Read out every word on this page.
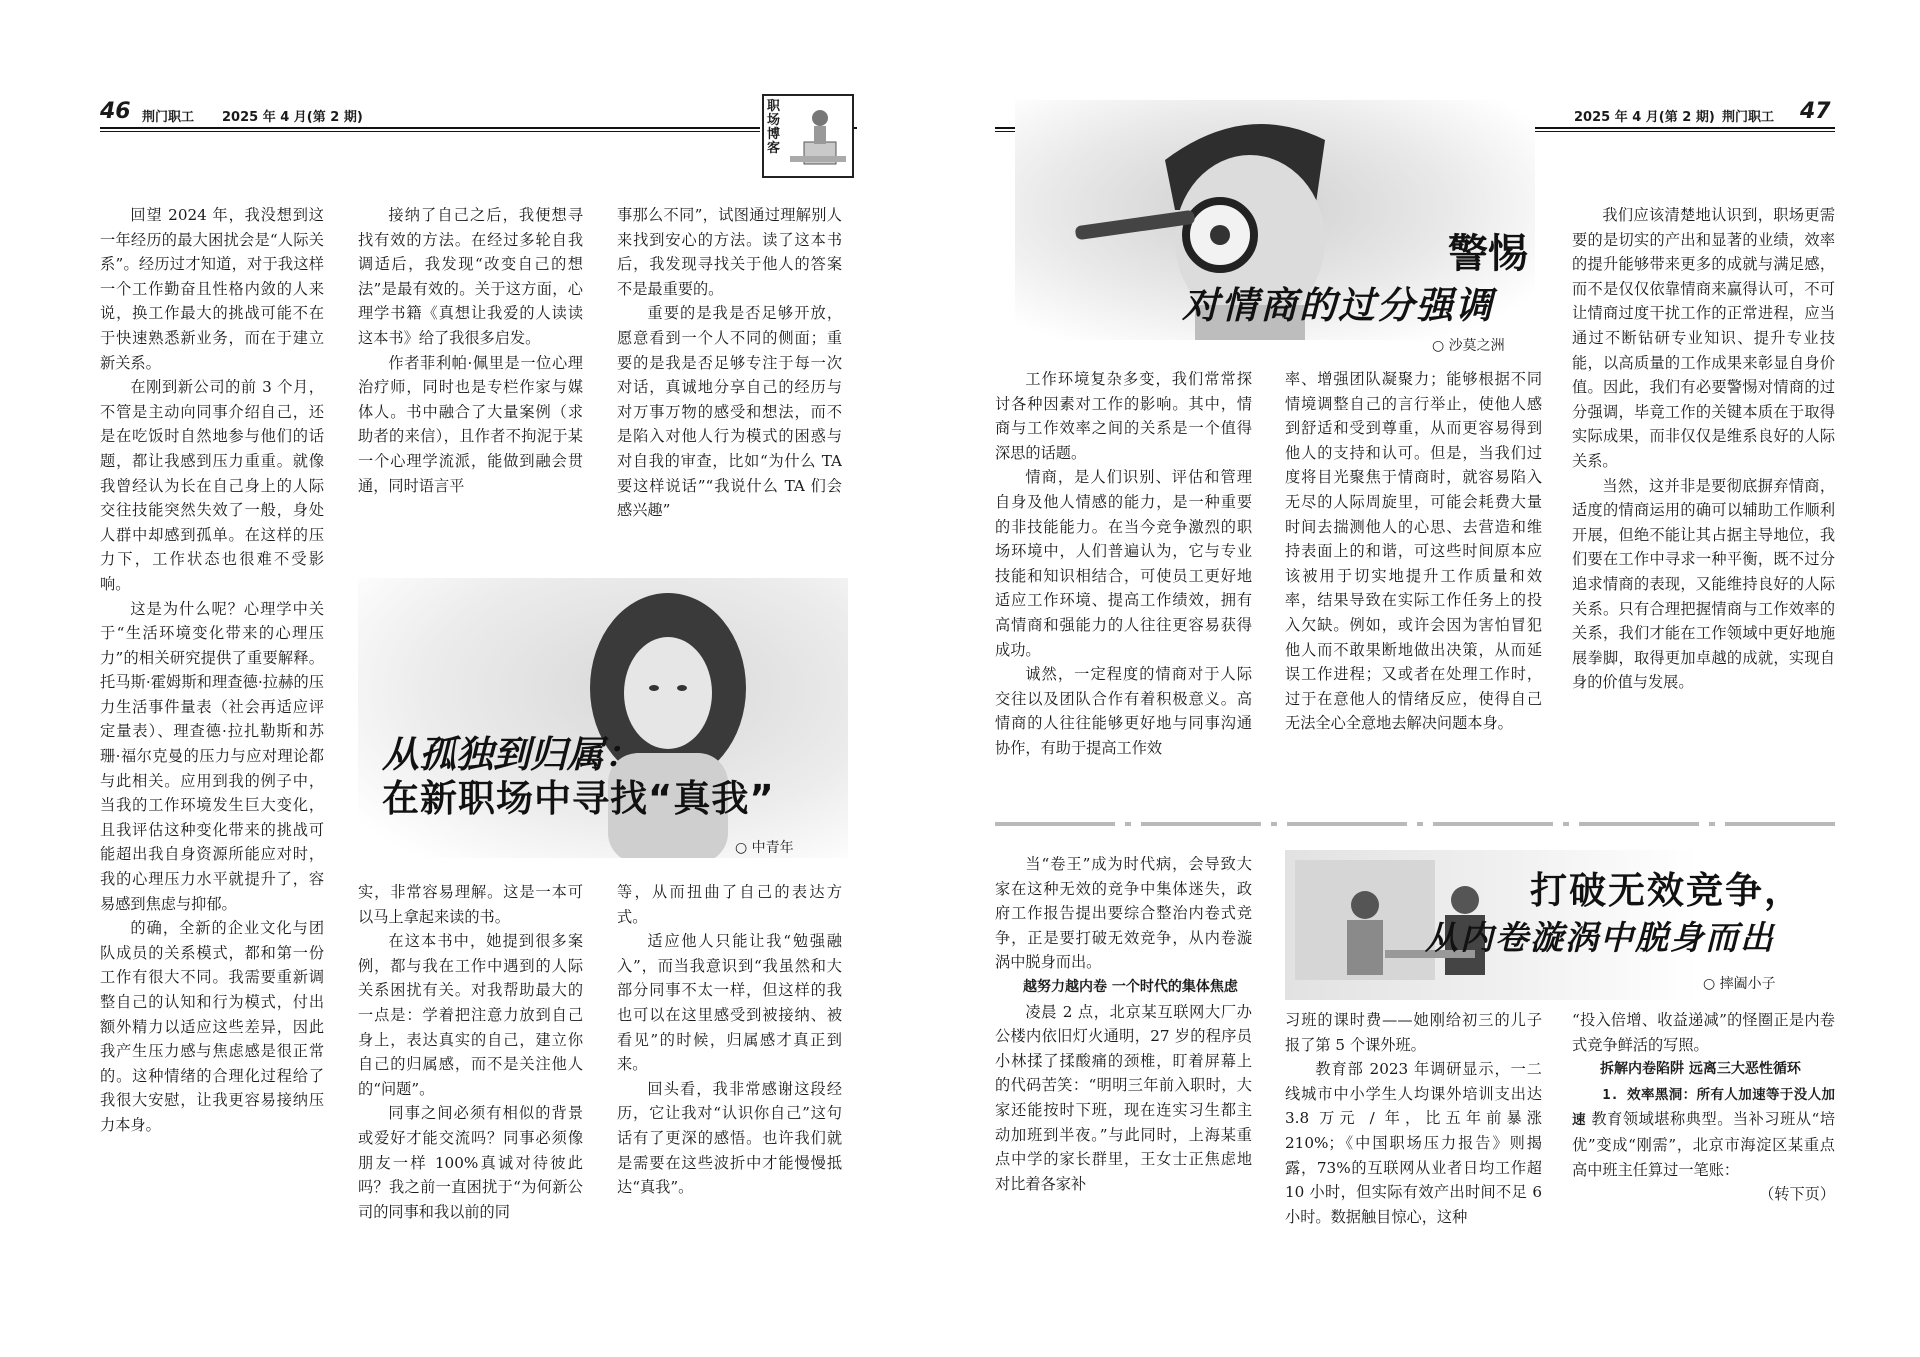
46 荆门职工 2025 年 4 月(第 2 期)
职场博客

回望 2024 年，我没想到这一年经历的最大困扰会是“人际关系”。经历过才知道，对于我这样一个工作勤奋且性格内敛的人来说，换工作最大的挑战可能不在于快速熟悉新业务，而在于建立新关系。

在刚到新公司的前 3 个月，不管是主动向同事介绍自己，还是在吃饭时自然地参与他们的话题，都让我感到压力重重。就像我曾经认为长在自己身上的人际交往技能突然失效了一般，身处人群中却感到孤单。在这样的压力下，工作状态也很难不受影响。

这是为什么呢？心理学中关于“生活环境变化带来的心理压力”的相关研究提供了重要解释。托马斯·霍姆斯和理查德·拉赫的压力生活事件量表（社会再适应评定量表）、理查德·拉扎勒斯和苏珊·福尔克曼的压力与应对理论都与此相关。应用到我的例子中，当我的工作环境发生巨大变化，且我评估这种变化带来的挑战可能超出我自身资源所能应对时，我的心理压力水平就提升了，容易感到焦虑与抑郁。

的确，全新的企业文化与团队成员的关系模式，都和第一份工作有很大不同。我需要重新调整自己的认知和行为模式，付出额外精力以适应这些差异，因此我产生压力感与焦虑感是很正常的。这种情绪的合理化过程给了我很大安慰，让我更容易接纳压力本身。

接纳了自己之后，我便想寻找有效的方法。在经过多轮自我调适后，我发现“改变自己的想法”是最有效的。关于这方面，心理学书籍《真想让我爱的人读读这本书》给了我很多启发。

作者菲利帕·佩里是一位心理治疗师，同时也是专栏作家与媒体人。书中融合了大量案例（求助者的来信），且作者不拘泥于某一个心理学流派，能做到融会贯通，同时语言平

事那么不同”，试图通过理解别人来找到安心的方法。读了这本书后，我发现寻找关于他人的答案不是最重要的。

重要的是我是否足够开放，愿意看到一个人不同的侧面；重要的是我是否足够专注于每一次对话，真诚地分享自己的经历与对万事万物的感受和想法，而不是陷入对他人行为模式的困惑与对自我的审查，比如“为什么 TA 要这样说话”“我说什么 TA 们会感兴趣”

从孤独到归属：
在新职场中寻找“真我”
○ 中青年

实，非常容易理解。这是一本可以马上拿起来读的书。

在这本书中，她提到很多案例，都与我在工作中遇到的人际关系困扰有关。对我帮助最大的一点是：学着把注意力放到自己身上，表达真实的自己，建立你自己的归属感，而不是关注他人的“问题”。

同事之间必须有相似的背景或爱好才能交流吗？同事必须像朋友一样 100%真诚对待彼此吗？我之前一直困扰于“为何新公司的同事和我以前的同

等，从而扭曲了自己的表达方式。

适应他人只能让我“勉强融入”，而当我意识到“我虽然和大部分同事不太一样，但这样的我也可以在这里感受到被接纳、被看见”的时候，归属感才真正到来。

回头看，我非常感谢这段经历，它让我对“认识你自己”这句话有了更深的感悟。也许我们就是需要在这些波折中才能慢慢抵达“真我”。

2025 年 4 月(第 2 期) 荆门职工 47
警惕
对情商的过分强调
○ 沙莫之洲

工作环境复杂多变，我们常常探讨各种因素对工作的影响。其中，情商与工作效率之间的关系是一个值得深思的话题。

情商，是人们识别、评估和管理自身及他人情感的能力，是一种重要的非技能能力。在当今竞争激烈的职场环境中，人们普遍认为，它与专业技能和知识相结合，可使员工更好地适应工作环境、提高工作绩效，拥有高情商和强能力的人往往更容易获得成功。

诚然，一定程度的情商对于人际交往以及团队合作有着积极意义。高情商的人往往能够更好地与同事沟通协作，有助于提高工作效

率、增强团队凝聚力；能够根据不同情境调整自己的言行举止，使他人感到舒适和受到尊重，从而更容易得到他人的支持和认可。但是，当我们过度将目光聚焦于情商时，就容易陷入无尽的人际周旋里，可能会耗费大量时间去揣测他人的心思、去营造和维持表面上的和谐，可这些时间原本应该被用于切实地提升工作质量和效率，结果导致在实际工作任务上的投入欠缺。例如，或许会因为害怕冒犯他人而不敢果断地做出决策，从而延误工作进程；又或者在处理工作时，过于在意他人的情绪反应，使得自己无法全心全意地去解决问题本身。

我们应该清楚地认识到，职场更需要的是切实的产出和显著的业绩，效率的提升能够带来更多的成就与满足感，而不是仅仅依靠情商来赢得认可，不可让情商过度干扰工作的正常进程，应当通过不断钻研专业知识、提升专业技能，以高质量的工作成果来彰显自身价值。因此，我们有必要警惕对情商的过分强调，毕竟工作的关键本质在于取得实际成果，而非仅仅是维系良好的人际关系。

当然，这并非是要彻底摒弃情商，适度的情商运用的确可以辅助工作顺利开展，但绝不能让其占据主导地位，我们要在工作中寻求一种平衡，既不过分追求情商的表现，又能维持良好的人际关系。只有合理把握情商与工作效率的关系，我们才能在工作领域中更好地施展拳脚，取得更加卓越的成就，实现自身的价值与发展。

当“卷王”成为时代病，会导致大家在这种无效的竞争中集体迷失，政府工作报告提出要综合整治内卷式竞争，正是要打破无效竞争，从内卷漩涡中脱身而出。

越努力越内卷 一个时代的集体焦虑

凌晨 2 点，北京某互联网大厂办公楼内依旧灯火通明，27 岁的程序员小林揉了揉酸痛的颈椎，盯着屏幕上的代码苦笑：“明明三年前入职时，大家还能按时下班，现在连实习生都主动加班到半夜。”与此同时，上海某重点中学的家长群里，王女士正焦虑地对比着各家补

打破无效竞争，
从内卷漩涡中脱身而出
○ 摔阖小子

习班的课时费——她刚给初三的儿子报了第 5 个课外班。

教育部 2023 年调研显示，一二线城市中小学生人均课外培训支出达 3.8 万元 / 年，比五年前暴涨 210%；《中国职场压力报告》则揭露，73%的互联网从业者日均工作超 10 小时，但实际有效产出时间不足 6 小时。数据触目惊心，这种

“投入倍增、收益递减”的怪圈正是内卷式竞争鲜活的写照。

拆解内卷陷阱 远离三大恶性循环

1. 效率黑洞：所有人加速等于没人加速 教育领域堪称典型。当补习班从“培优”变成“刚需”，北京市海淀区某重点高中班主任算过一笔账：

（转下页）
